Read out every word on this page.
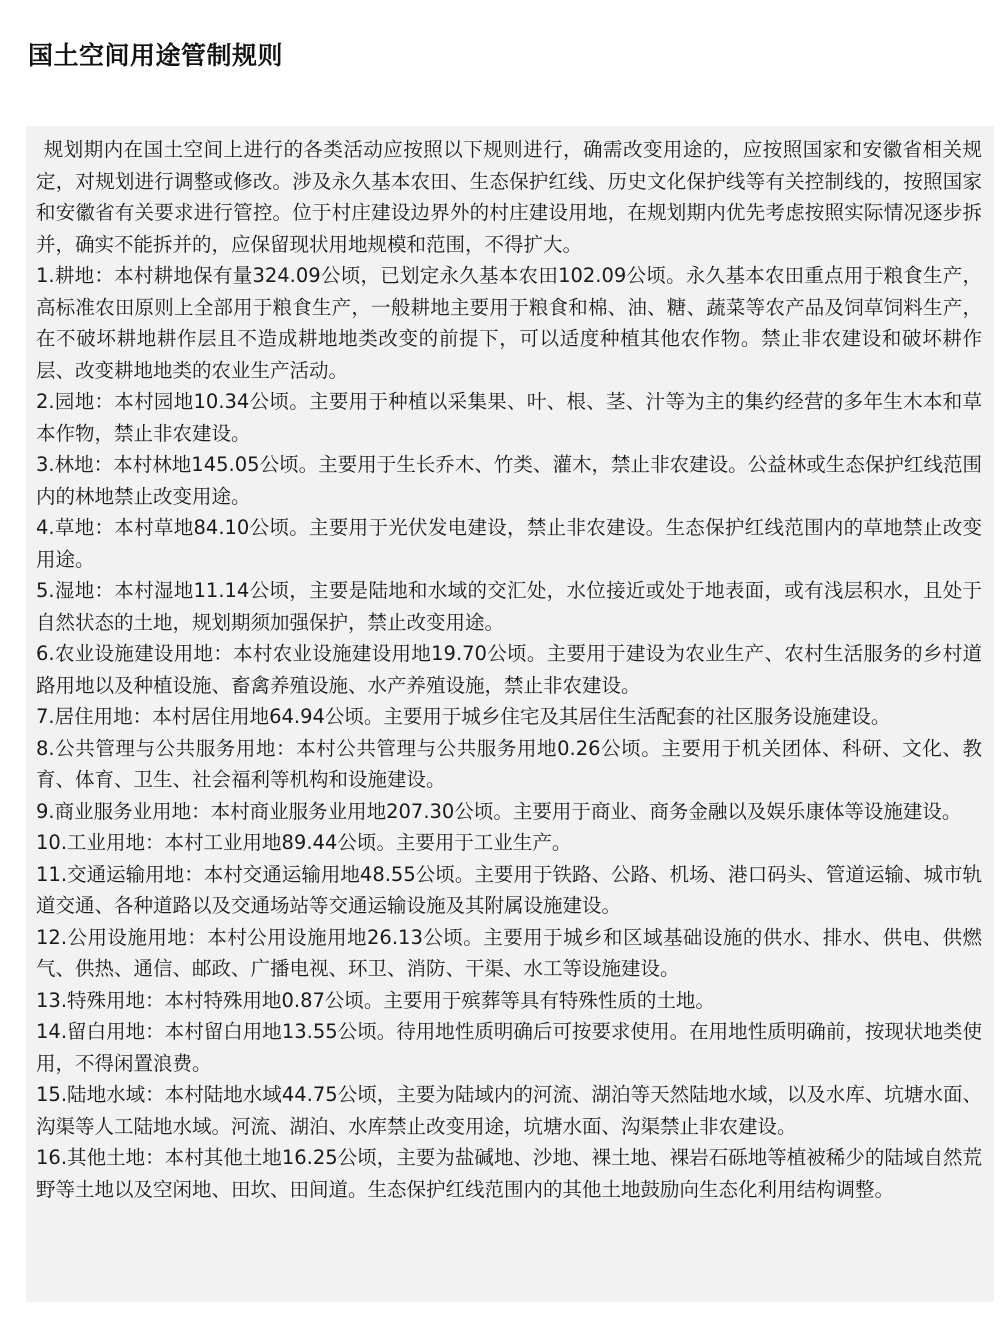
国土空间用途管制规则

规划期内在国土空间上进行的各类活动应按照以下规则进行，确需改变用途的，应按照国家和安徽省相关规定，对规划进行调整或修改。涉及永久基本农田、生态保护红线、历史文化保护线等有关控制线的，按照国家和安徽省有关要求进行管控。位于村庄建设边界外的村庄建设用地，在规划期内优先考虑按照实际情况逐步拆并，确实不能拆并的，应保留现状用地规模和范围，不得扩大。

1.耕地：本村耕地保有量324.09公顷，已划定永久基本农田102.09公顷。永久基本农田重点用于粮食生产，高标准农田原则上全部用于粮食生产，一般耕地主要用于粮食和棉、油、糖、蔬菜等农产品及饲草饲料生产，在不破坏耕地耕作层且不造成耕地地类改变的前提下，可以适度种植其他农作物。禁止非农建设和破坏耕作层、改变耕地地类的农业生产活动。

2.园地：本村园地10.34公顷。主要用于种植以采集果、叶、根、茎、汁等为主的集约经营的多年生木本和草本作物，禁止非农建设。

3.林地：本村林地145.05公顷。主要用于生长乔木、竹类、灌木，禁止非农建设。公益林或生态保护红线范围内的林地禁止改变用途。

4.草地：本村草地84.10公顷。主要用于光伏发电建设，禁止非农建设。生态保护红线范围内的草地禁止改变用途。

5.湿地：本村湿地11.14公顷，主要是陆地和水域的交汇处，水位接近或处于地表面，或有浅层积水，且处于自然状态的土地，规划期须加强保护，禁止改变用途。

6.农业设施建设用地：本村农业设施建设用地19.70公顷。主要用于建设为农业生产、农村生活服务的乡村道路用地以及种植设施、畜禽养殖设施、水产养殖设施，禁止非农建设。

7.居住用地：本村居住用地64.94公顷。主要用于城乡住宅及其居住生活配套的社区服务设施建设。

8.公共管理与公共服务用地：本村公共管理与公共服务用地0.26公顷。主要用于机关团体、科研、文化、教育、体育、卫生、社会福利等机构和设施建设。

9.商业服务业用地：本村商业服务业用地207.30公顷。主要用于商业、商务金融以及娱乐康体等设施建设。

10.工业用地：本村工业用地89.44公顷。主要用于工业生产。

11.交通运输用地：本村交通运输用地48.55公顷。主要用于铁路、公路、机场、港口码头、管道运输、城市轨道交通、各种道路以及交通场站等交通运输设施及其附属设施建设。

12.公用设施用地：本村公用设施用地26.13公顷。主要用于城乡和区域基础设施的供水、排水、供电、供燃气、供热、通信、邮政、广播电视、环卫、消防、干渠、水工等设施建设。

13.特殊用地：本村特殊用地0.87公顷。主要用于殡葬等具有特殊性质的土地。

14.留白用地：本村留白用地13.55公顷。待用地性质明确后可按要求使用。在用地性质明确前，按现状地类使用，不得闲置浪费。

15.陆地水域：本村陆地水域44.75公顷，主要为陆域内的河流、湖泊等天然陆地水域，以及水库、坑塘水面、沟渠等人工陆地水域。河流、湖泊、水库禁止改变用途，坑塘水面、沟渠禁止非农建设。

16.其他土地：本村其他土地16.25公顷，主要为盐碱地、沙地、裸土地、裸岩石砾地等植被稀少的陆域自然荒野等土地以及空闲地、田坎、田间道。生态保护红线范围内的其他土地鼓励向生态化利用结构调整。
